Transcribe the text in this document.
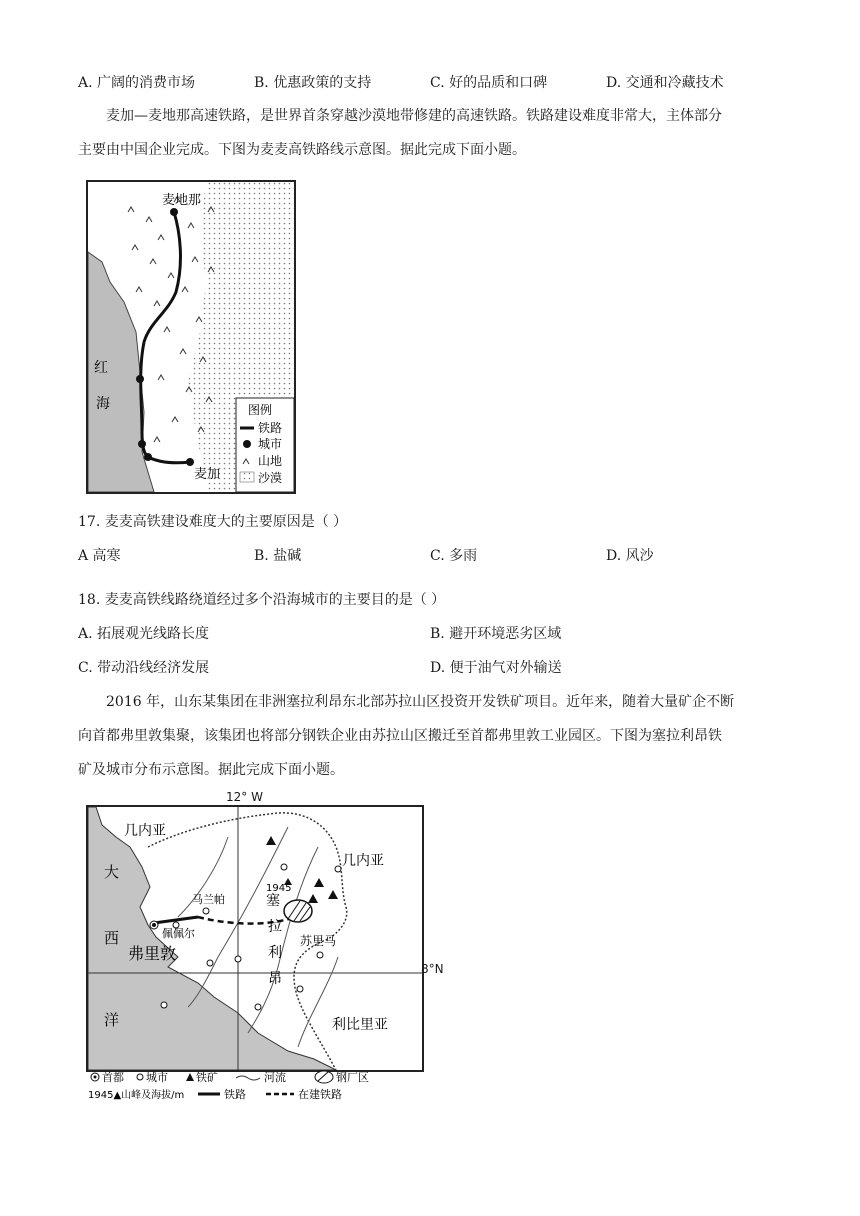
A. 广阔的消费市场	B. 优惠政策的支持	C. 好的品质和口碑	D. 交通和冷藏技术
麦加—麦地那高速铁路，是世界首条穿越沙漠地带修建的高速铁路。铁路建设难度非常大，主体部分
主要由中国企业完成。下图为麦麦高铁路线示意图。据此完成下面小题。
麦地那
麦加
红
海	图例
铁路
城市
山地
沙漠
17. 麦麦高铁建设难度大的主要原因是（ ）
A 高寒	B. 盐碱	C. 多雨	D. 风沙
18. 麦麦高铁线路绕道经过多个沿海城市的主要目的是（ ）
A. 拓展观光线路长度	B. 避开环境恶劣区域
C. 带动沿线经济发展	D. 便于油气对外输送
2016 年，山东某集团在非洲塞拉利昂东北部苏拉山区投资开发铁矿项目。近年来，随着大量矿企不断
向首都弗里敦集聚，该集团也将部分钢铁企业由苏拉山区搬迁至首都弗里敦工业园区。下图为塞拉利昂铁
矿及城市分布示意图。据此完成下面小题。
12° W
几内亚
几内亚
大
西
洋
弗里敦
马兰帕
佩佩尔
1945
塞
拉
利
昂
苏里马
利比里亚
8°N
首都 城市	铁矿	河流	钢厂区
1945▲山峰及海拔/m	铁路	在建铁路
